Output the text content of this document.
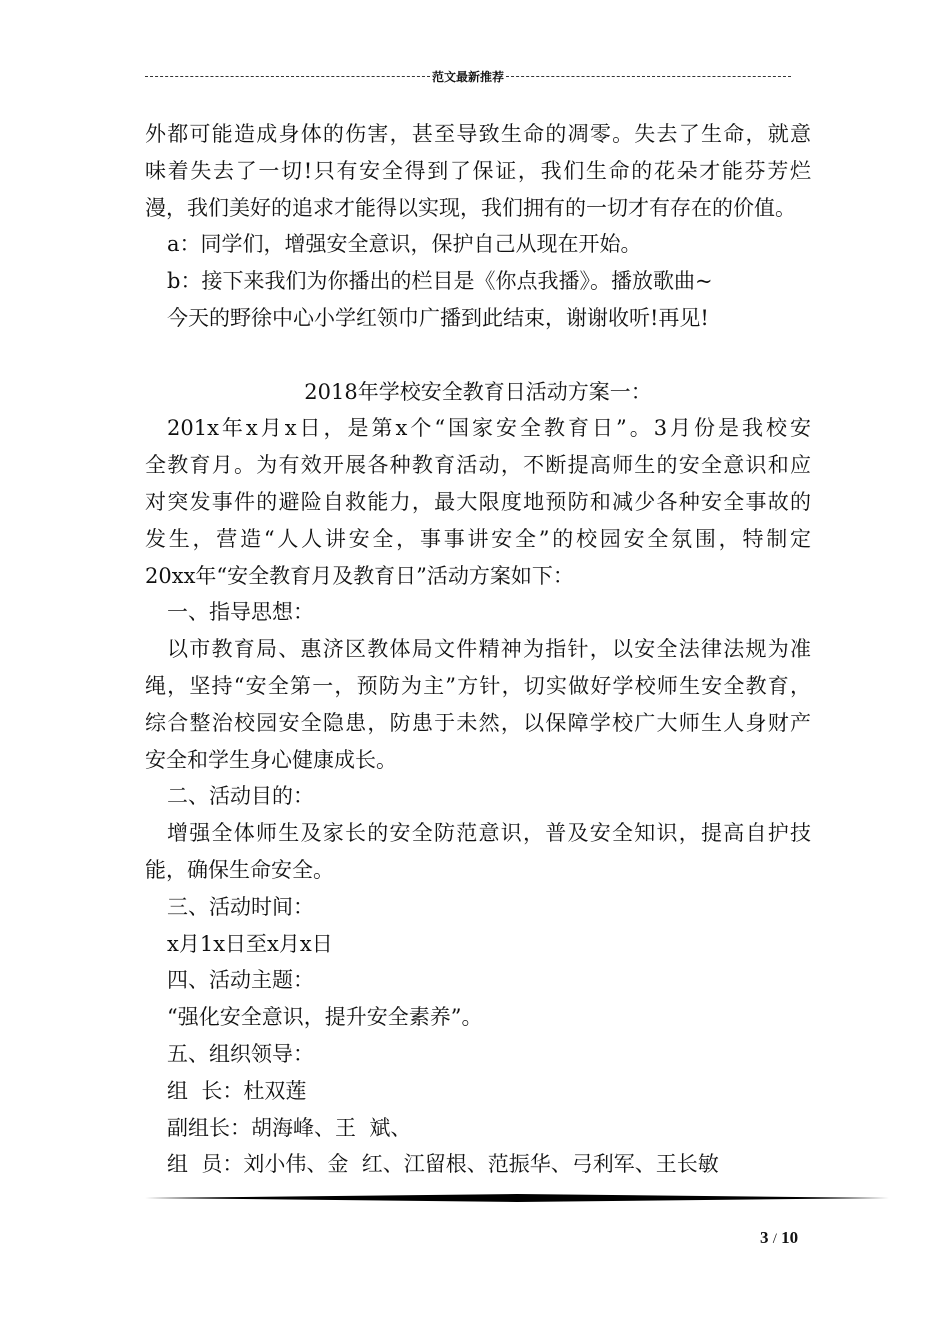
范文最新推荐
外都可能造成身体的伤害，甚至导致生命的凋零。失去了生命，就意
味着失去了一切!只有安全得到了保证，我们生命的花朵才能芬芳烂
漫，我们美好的追求才能得以实现，我们拥有的一切才有存在的价值。
a：同学们，增强安全意识，保护自己从现在开始。
b：接下来我们为你播出的栏目是《你点我播》。播放歌曲~
今天的野徐中心小学红领巾广播到此结束，谢谢收听!再见!
2018年学校安全教育日活动方案一：
201x年x月x日，是第x个“国家安全教育日”。3月份是我校安
全教育月。为有效开展各种教育活动，不断提高师生的安全意识和应
对突发事件的避险自救能力，最大限度地预防和减少各种安全事故的
发生，营造“人人讲安全，事事讲安全”的校园安全氛围，特制定
20xx年“安全教育月及教育日”活动方案如下：
一、指导思想：
以市教育局、惠济区教体局文件精神为指针，以安全法律法规为准
绳，坚持“安全第一，预防为主”方针，切实做好学校师生安全教育，
综合整治校园安全隐患，防患于未然，以保障学校广大师生人身财产
安全和学生身心健康成长。
二、活动目的：
增强全体师生及家长的安全防范意识，普及安全知识，提高自护技
能，确保生命安全。
三、活动时间：
x月1x日至x月x日
四、活动主题：
“强化安全意识，提升安全素养”。
五、组织领导：
组  长：杜双莲
副组长：胡海峰、王  斌、
组  员：刘小伟、金  红、江留根、范振华、弓利军、王长敏
3 / 10
